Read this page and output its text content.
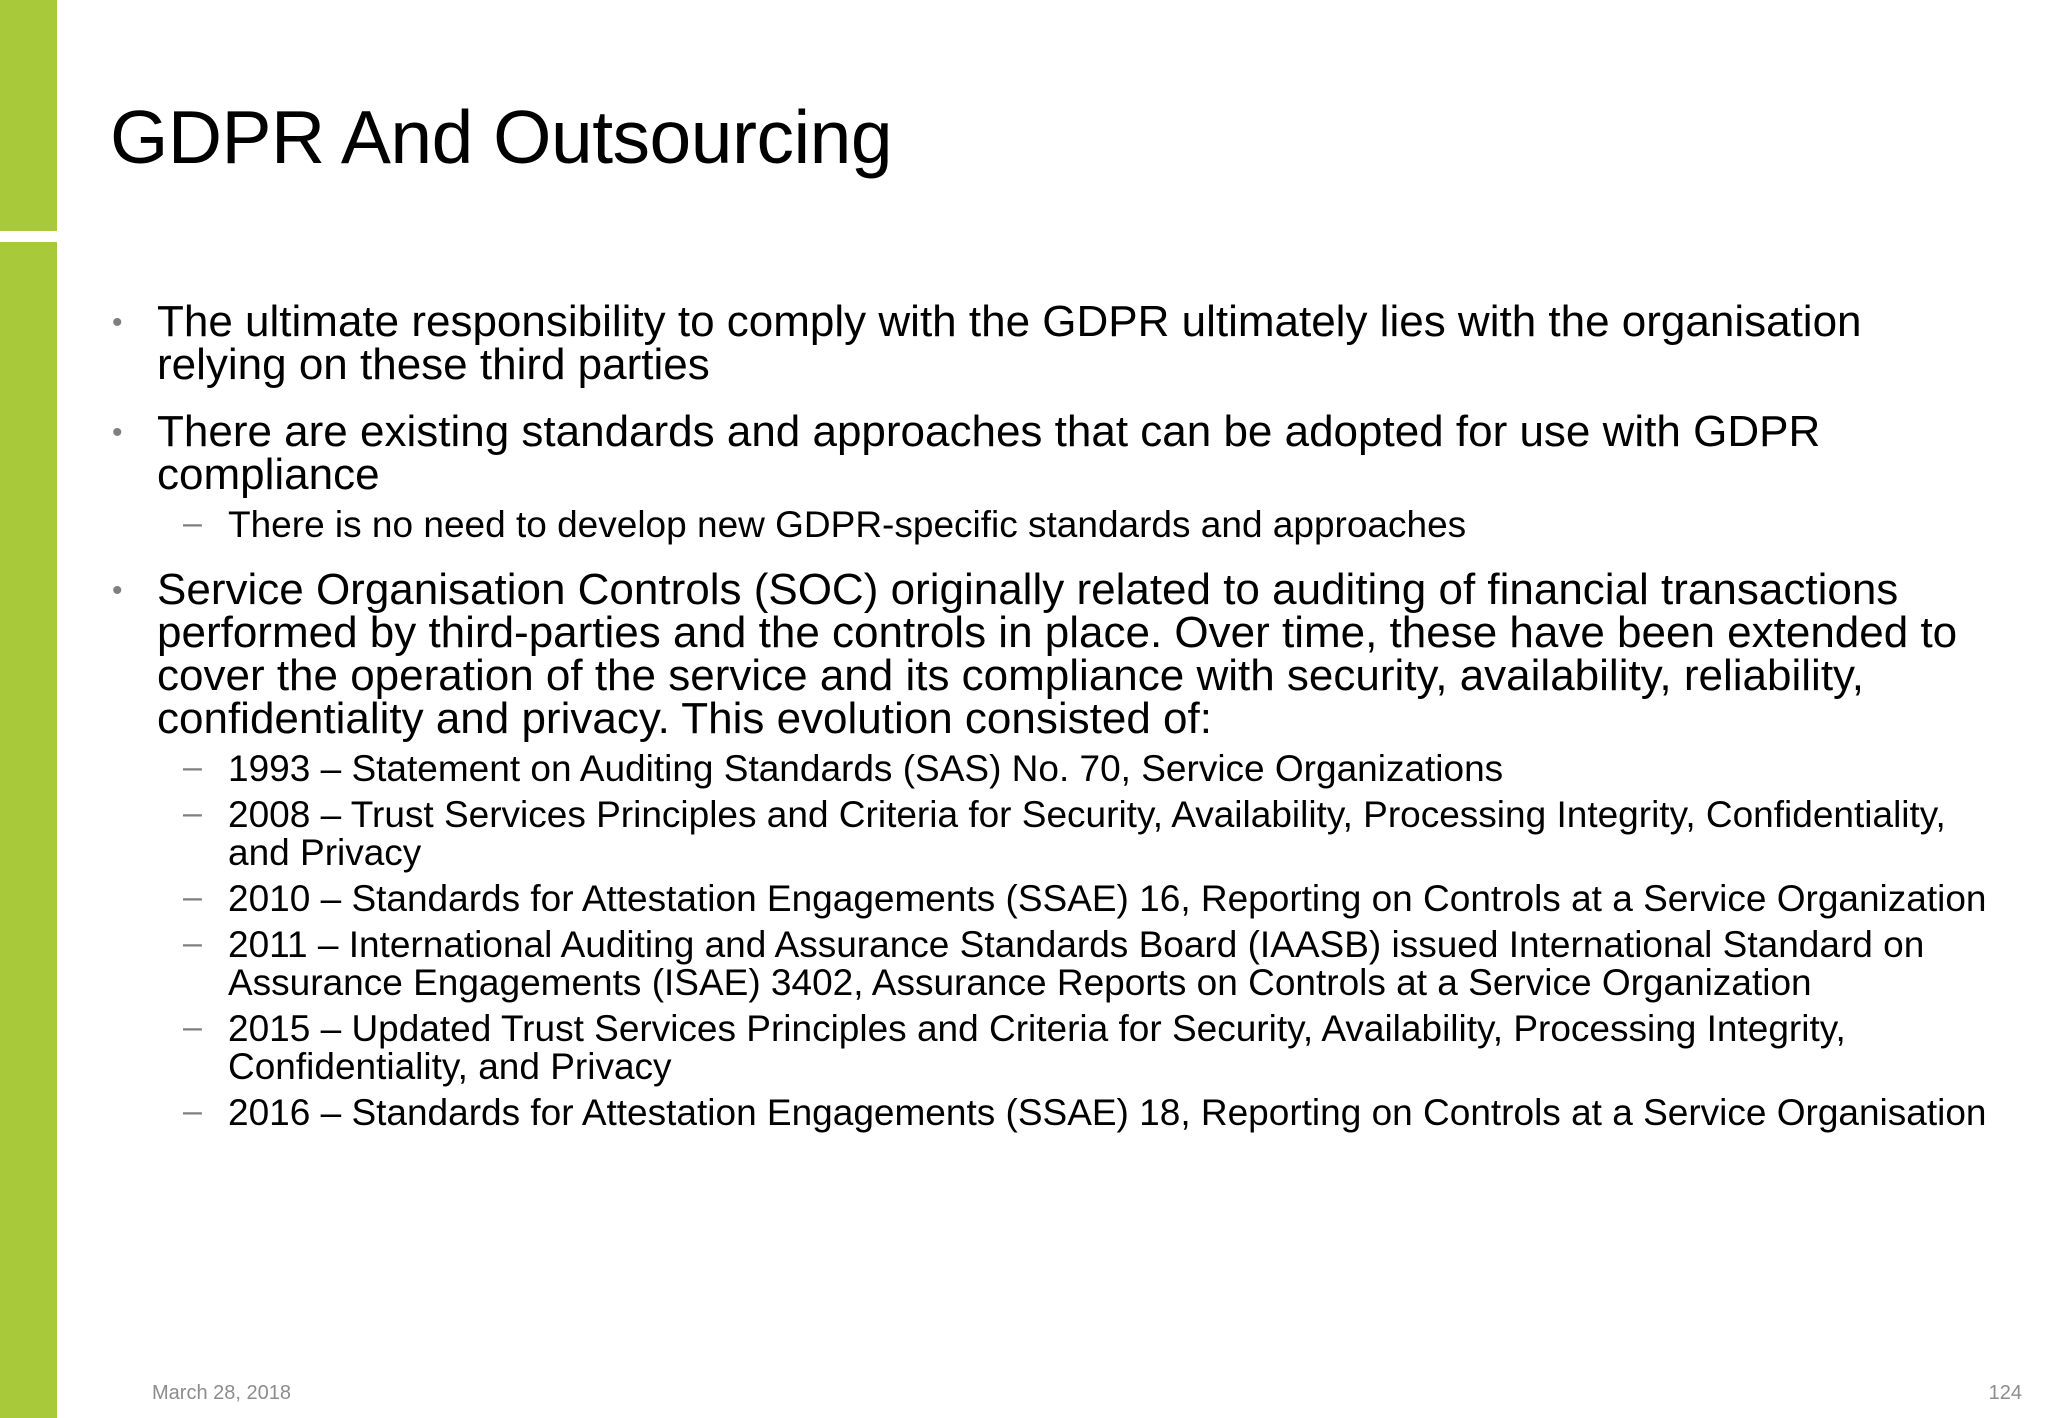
GDPR And Outsourcing
• The ultimate responsibility to comply with the GDPR ultimately lies with the organisation relying on these third parties
• There are existing standards and approaches that can be adopted for use with GDPR compliance
– There is no need to develop new GDPR-specific standards and approaches
• Service Organisation Controls (SOC) originally related to auditing of financial transactions performed by third-parties and the controls in place. Over time, these have been extended to cover the operation of the service and its compliance with security, availability, reliability, confidentiality and privacy. This evolution consisted of:
– 1993 – Statement on Auditing Standards (SAS) No. 70, Service Organizations
– 2008 – Trust Services Principles and Criteria for Security, Availability, Processing Integrity, Confidentiality, and Privacy
– 2010 – Standards for Attestation Engagements (SSAE) 16, Reporting on Controls at a Service Organization
– 2011 – International Auditing and Assurance Standards Board (IAASB) issued International Standard on Assurance Engagements (ISAE) 3402, Assurance Reports on Controls at a Service Organization
– 2015 – Updated Trust Services Principles and Criteria for Security, Availability, Processing Integrity, Confidentiality, and Privacy
– 2016 – Standards for Attestation Engagements (SSAE) 18, Reporting on Controls at a Service Organisation
March 28, 2018	124
